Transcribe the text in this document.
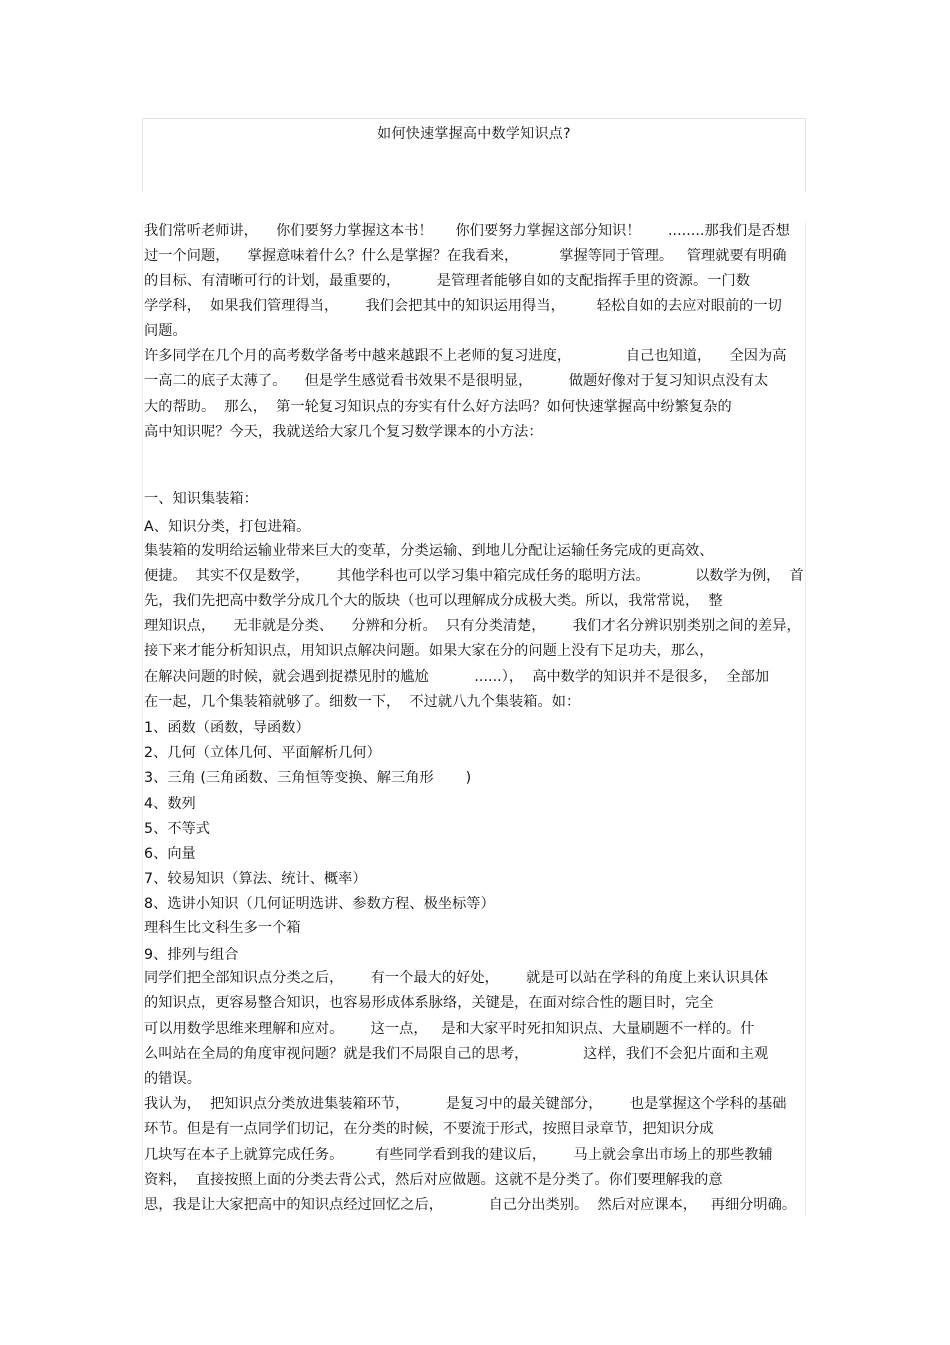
如何快速掌握高中数学知识点?
我们常听老师讲，    你们要努力掌握这本书！     你们要努力掌握这部分知识！      ........那我们是否想
过一个问题，    掌握意味着什么？什么是掌握？在我看来，         掌握等同于管理。   管理就要有明确
的目标、有清晰可行的计划，最重要的，        是管理者能够自如的支配指挥手里的资源。一门数
学学科，  如果我们管理得当，      我们会把其中的知识运用得当，       轻松自如的去应对眼前的一切
问题。
许多同学在几个月的高考数学备考中越来越跟不上老师的复习进度，            自己也知道，    全因为高
一高二的底子太薄了。    但是学生感觉看书效果不是很明显，        做题好像对于复习知识点没有太
大的帮助。  那么，  第一轮复习知识点的夯实有什么好方法吗？如何快速掌握高中纷繁复杂的
高中知识呢？今天，我就送给大家几个复习数学课本的小方法：
一、知识集装箱：
A、知识分类，打包进箱。
集装箱的发明给运输业带来巨大的变革，分类运输、到地儿分配让运输任务完成的更高效、
便捷。  其实不仅是数学，      其他学科也可以学习集中箱完成任务的聪明方法。          以数学为例，  首
先，我们先把高中数学分成几个大的版块（也可以理解成分成极大类。所以，我常常说，  整
理知识点，    无非就是分类、    分辨和分析。  只有分类清楚，      我们才名分辨识别类别之间的差异，
接下来才能分析知识点，用知识点解决问题。如果大家在分的问题上没有下足功夫，那么，
在解决问题的时候，就会遇到捉襟见肘的尴尬          ......），  高中数学的知识并不是很多，  全部加
在一起，几个集装箱就够了。细数一下，  不过就八九个集装箱。如：
1、函数（函数，导函数）
2、几何（立体几何、平面解析几何）
3、三角 (三角函数、三角恒等变换、解三角形       )
4、数列
5、不等式
6、向量
7、较易知识（算法、统计、概率）
8、选讲小知识（几何证明选讲、参数方程、极坐标等）
理科生比文科生多一个箱
9、排列与组合
同学们把全部知识点分类之后，      有一个最大的好处，      就是可以站在学科的角度上来认识具体
的知识点，更容易整合知识，也容易形成体系脉络，关键是，在面对综合性的题目时，完全
可以用数学思维来理解和应对。      这一点，   是和大家平时死扣知识点、大量刷题不一样的。什
么叫站在全局的角度审视问题？就是我们不局限自己的思考，            这样，我们不会犯片面和主观
的错误。
我认为，  把知识点分类放进集装箱环节，        是复习中的最关键部分，      也是掌握这个学科的基础
环节。但是有一点同学们切记，在分类的时候，不要流于形式，按照目录章节，把知识分成
几块写在本子上就算完成任务。       有些同学看到我的建议后，      马上就会拿出市场上的那些教辅
资料，  直接按照上面的分类去背公式，然后对应做题。这就不是分类了。你们要理解我的意
思，我是让大家把高中的知识点经过回忆之后，          自己分出类别。  然后对应课本，   再细分明确。
